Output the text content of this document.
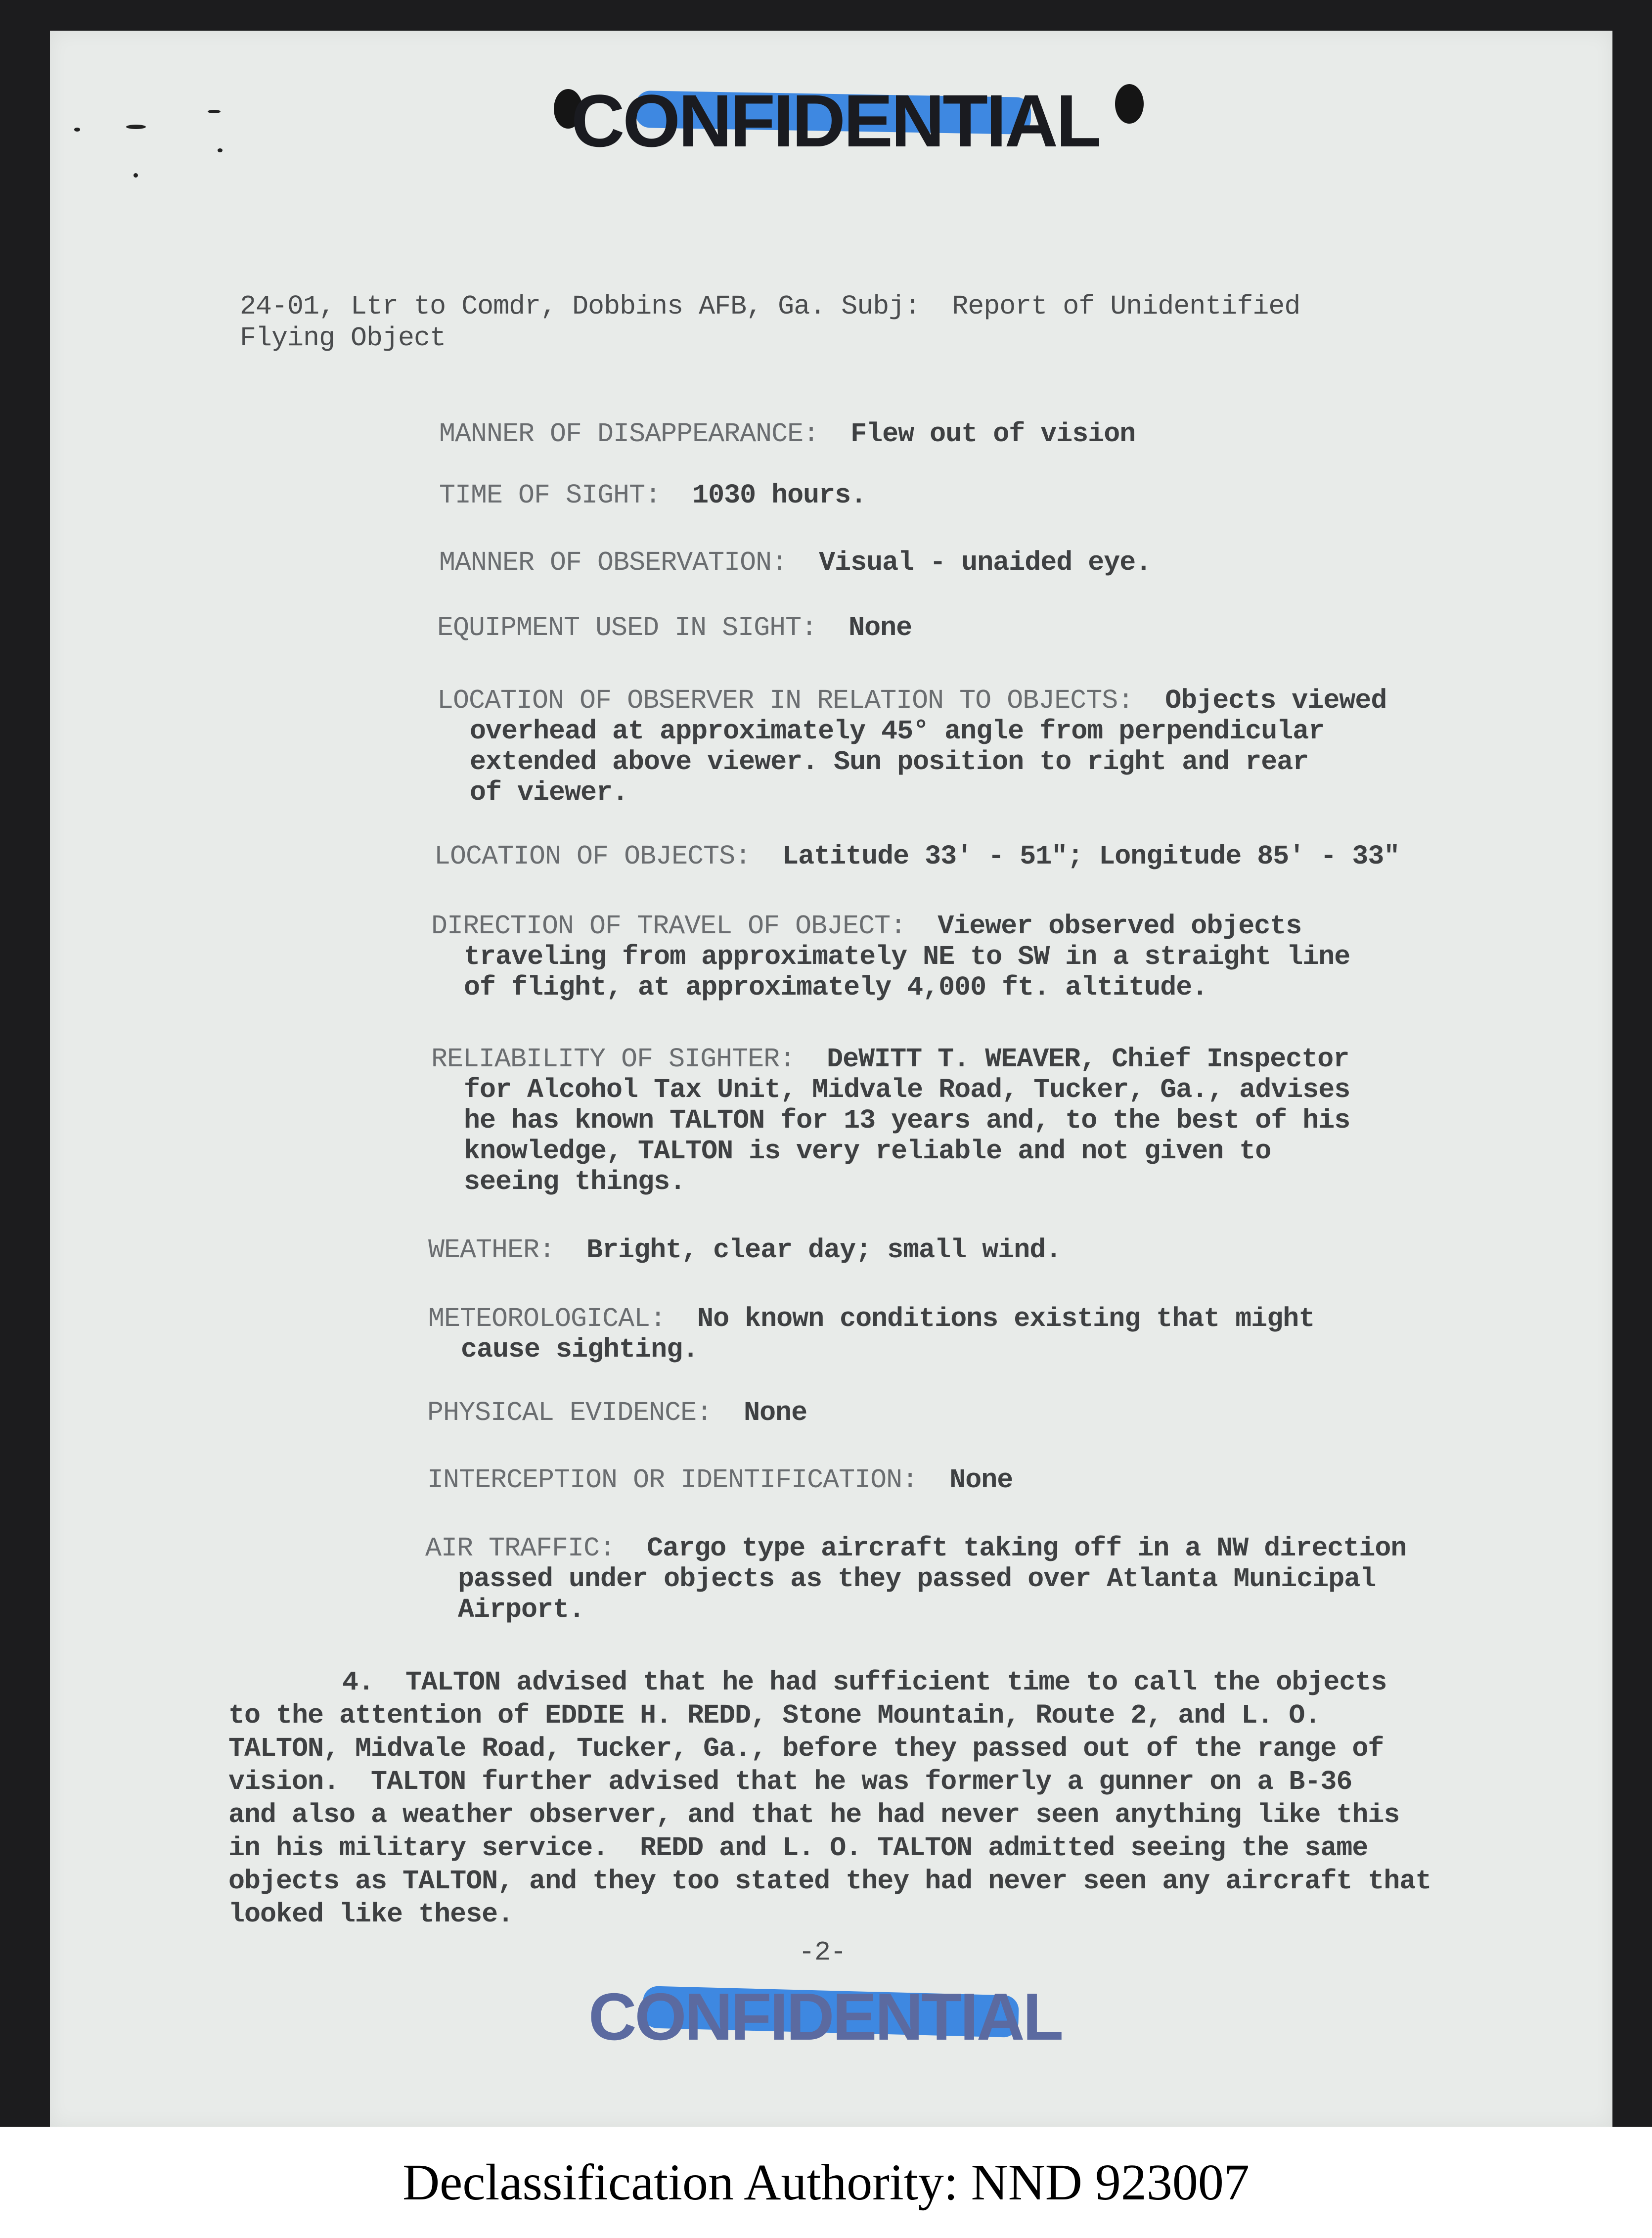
CONFIDENTIAL
24-01, Ltr to Comdr, Dobbins AFB, Ga. Subj:  Report of Unidentified
Flying Object
MANNER OF DISAPPEARANCE: Flew out of vision
TIME OF SIGHT: 1030 hours.
MANNER OF OBSERVATION: Visual - unaided eye.
EQUIPMENT USED IN SIGHT: None
LOCATION OF OBSERVER IN RELATION TO OBJECTS: Objects viewed
overhead at approximately 45° angle from perpendicular
extended above viewer. Sun position to right and rear
of viewer.
LOCATION OF OBJECTS: Latitude 33' - 51"; Longitude 85' - 33"
DIRECTION OF TRAVEL OF OBJECT: Viewer observed objects
traveling from approximately NE to SW in a straight line
of flight, at approximately 4,000 ft. altitude.
RELIABILITY OF SIGHTER: DeWITT T. WEAVER, Chief Inspector
for Alcohol Tax Unit, Midvale Road, Tucker, Ga., advises
he has known TALTON for 13 years and, to the best of his
knowledge, TALTON is very reliable and not given to
seeing things.
WEATHER: Bright, clear day; small wind.
METEOROLOGICAL: No known conditions existing that might
cause sighting.
PHYSICAL EVIDENCE: None
INTERCEPTION OR IDENTIFICATION: None
AIR TRAFFIC: Cargo type aircraft taking off in a NW direction
passed under objects as they passed over Atlanta Municipal
Airport.
4.  TALTON advised that he had sufficient time to call the objects
to the attention of EDDIE H. REDD, Stone Mountain, Route 2, and L. O.
TALTON, Midvale Road, Tucker, Ga., before they passed out of the range of
vision.  TALTON further advised that he was formerly a gunner on a B-36
and also a weather observer, and that he had never seen anything like this
in his military service.  REDD and L. O. TALTON admitted seeing the same
objects as TALTON, and they too stated they had never seen any aircraft that
looked like these.
-2-
CONFIDENTIAL
Declassification Authority: NND 923007
